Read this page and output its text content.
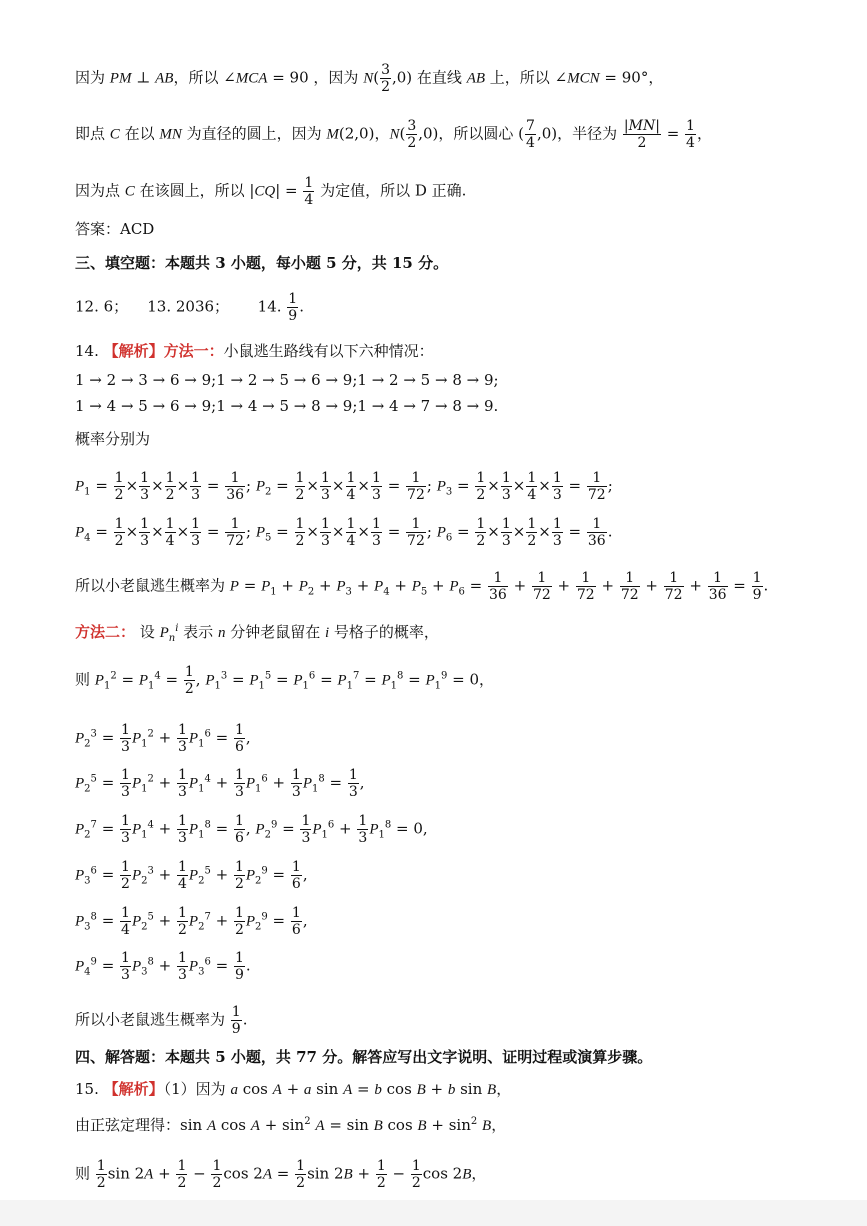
因为 PM ⊥ AB，所以 ∠MCA = 90 ，因为 $N( \frac{3}{2} ,0)$ 在直线 AB 上，所以 ∠MCN = 90°，
即点 C 在以 MN 为直径的圆上，因为 M(2,0)，$N( \frac{3}{2} ,0)$，所以圆心 ( $\frac{7}{4} ,0$)，半径为 $\frac{|MN|}{2} = \frac{1}{4}$ ，
因为点 C 在该圆上，所以 $|CQ| = \frac{1}{4}$ 为定值，所以 D 正确.
答案：ACD
三、填空题：本题共 3 小题，每小题 5 分，共 15 分。
12. 6；    13. 2036；      14. $\frac{1}{9}$ .
14. 【解析】方法一：小鼠逃生路线有以下六种情况：
1 → 2 → 3 → 6 → 9;1 → 2 → 5 → 6 → 9;1 → 2 → 5 → 8 → 9;
1 → 4 → 5 → 6 → 9;1 → 4 → 5 → 8 → 9;1 → 4 → 7 → 8 → 9.
概率分别为
$P_1 = \frac{1}{2} \times \frac{1}{3} \times \frac{1}{2} \times \frac{1}{3} = \frac{1}{36}$ ; $P_2 = \frac{1}{2} \times \frac{1}{3} \times \frac{1}{4} \times \frac{1}{3} = \frac{1}{72}$ ; $P_3 = \frac{1}{2} \times \frac{1}{3} \times \frac{1}{4} \times \frac{1}{3} = \frac{1}{72}$ ;
$P_4 = \frac{1}{2} \times \frac{1}{3} \times \frac{1}{4} \times \frac{1}{3} = \frac{1}{72}$ ; $P_5 = \frac{1}{2} \times \frac{1}{3} \times \frac{1}{4} \times \frac{1}{3} = \frac{1}{72}$ ; $P_6 = \frac{1}{2} \times \frac{1}{3} \times \frac{1}{2} \times \frac{1}{3} = \frac{1}{36}$ .
所以小老鼠逃生概率为 $P = P_1 + P_2 + P_3 + P_4 + P_5 + P_6 = \frac{1}{36} + \frac{1}{72} + \frac{1}{72} + \frac{1}{72} + \frac{1}{72} + \frac{1}{36} = \frac{1}{9}$ .
方法二： 设 $P_n^i$ 表示 n 分钟老鼠留在 i 号格子的概率，
则 $P_1^2 = P_1^4 = \frac{1}{2}$ , $P_1^3 = P_1^5 = P_1^6 = P_1^7 = P_1^8 = P_1^9 = 0$，
$P_2^3 = \frac{1}{3} P_1^2 + \frac{1}{3} P_1^6 = \frac{1}{6}$ ,
$P_2^5 = \frac{1}{3} P_1^2 + \frac{1}{3} P_1^4 + \frac{1}{3} P_1^6 + \frac{1}{3} P_1^8 = \frac{1}{3}$ ,
$P_2^7 = \frac{1}{3} P_1^4 + \frac{1}{3} P_1^8 = \frac{1}{6}$ , $P_2^9 = \frac{1}{3} P_1^6 + \frac{1}{3} P_1^8 = 0$,
$P_3^6 = \frac{1}{2} P_2^3 + \frac{1}{4} P_2^5 + \frac{1}{2} P_2^9 = \frac{1}{6}$ ,
$P_3^8 = \frac{1}{4} P_2^5 + \frac{1}{2} P_2^7 + \frac{1}{2} P_2^9 = \frac{1}{6}$ ,
$P_4^9 = \frac{1}{3} P_3^8 + \frac{1}{3} P_3^6 = \frac{1}{9}$ .
所以小老鼠逃生概率为 $\frac{1}{9}$ .
四、解答题：本题共 5 小题，共 77 分。解答应写出文字说明、证明过程或演算步骤。
15. 【解析】（1）因为 a cos A + a sin A = b cos B + b sin B，
由正弦定理得：sin A $\cos A + \sin^2 A = \sin B$ $\cos B + \sin^2 B$，
则 $\frac{1}{2}$ $\sin 2A + \frac{1}{2} - \frac{1}{2}$ $\cos 2A = \frac{1}{2}$ $\sin 2B + \frac{1}{2} - \frac{1}{2}$ cos 2B，
